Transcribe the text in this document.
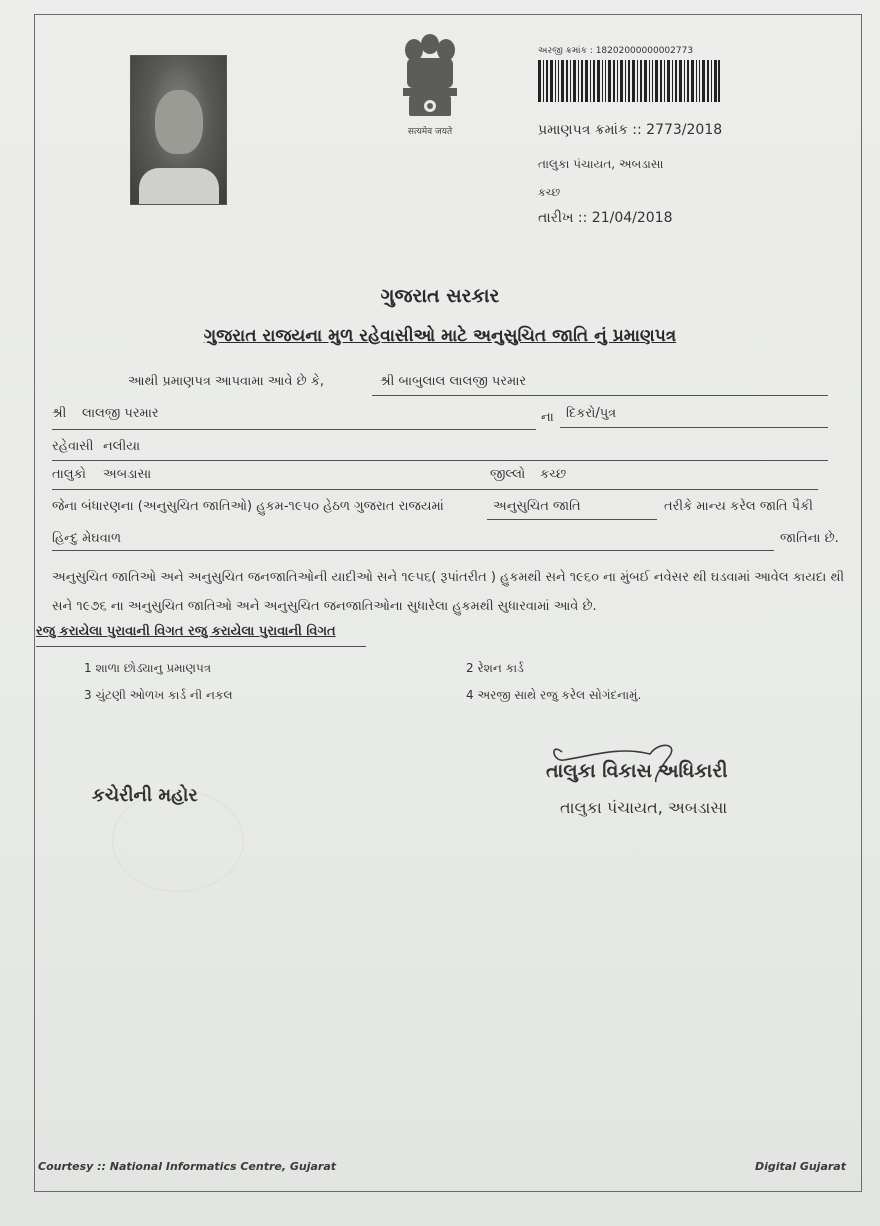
सत्यमेव जयते
અરજી ક્રમાંક : 18202000000002773
પ્રમાણપત્ર ક્રમાંક :: 2773/2018
તાલુકા પંચાયત, અબડાસા
કચ્છ
તારીખ :: 21/04/2018
ગુજરાત સરકાર
ગુજરાત રાજયના મુળ રહેવાસીઓ માટે અનુસુચિત જાતિ નું પ્રમાણપત્ર
આથી પ્રમાણપત્ર આપવામા આવે છે કે,	શ્રી બાબુલાલ લાલજી પરમાર
શ્રી લાલજી પરમાર	ના દિકરો/પુત્ર
રહેવાસી નલીયા
તાલુકો અબડાસા	જીલ્લો કચ્છ
જેના બંધારણના (અનુસુચિત જાતિઓ) હુકમ-૧૯૫૦ હેઠળ ગુજરાત રાજયમાં	અનુસુચિત જાતિ	તરીકે માન્ય કરેલ જાતિ પૈકી
હિન્દુ મેઘવાળ	જાતિના છે.
અનુસુચિત જાતિઓ અને અનુસુચિત જનજાતિઓની યાદીઓ સને ૧૯૫૬( રૂપાંતરીત ) હુકમથી સને ૧૯૬૦ ના મુંબઈ નવેસર થી ઘડવામાં આવેલ કાયદા થી સને ૧૯૭૬ ના અનુસુચિત જાતિઓ અને અનુસુચિત જનજાતિઓના સુધારેલા હુકમથી સુધારવામાં આવે છે.
રજુ કરાયેલા પુરાવાની વિગત રજુ કરાયેલા પુરાવાની વિગત
1 શાળા છોડ્યાનુ પ્રમાણપત્ર	2 રેશન કાર્ડ
3 ચુંટણી ઓળખ કાર્ડ ની નકલ	4 અરજી સાથે રજુ કરેલ સોગંદનામું.
કચેરીની મહોર
તાલુકા વિકાસ અધિકારી
તાલુકા પંચાયત, અબડાસા
Courtesy :: National Informatics Centre, Gujarat	Digital Gujarat
